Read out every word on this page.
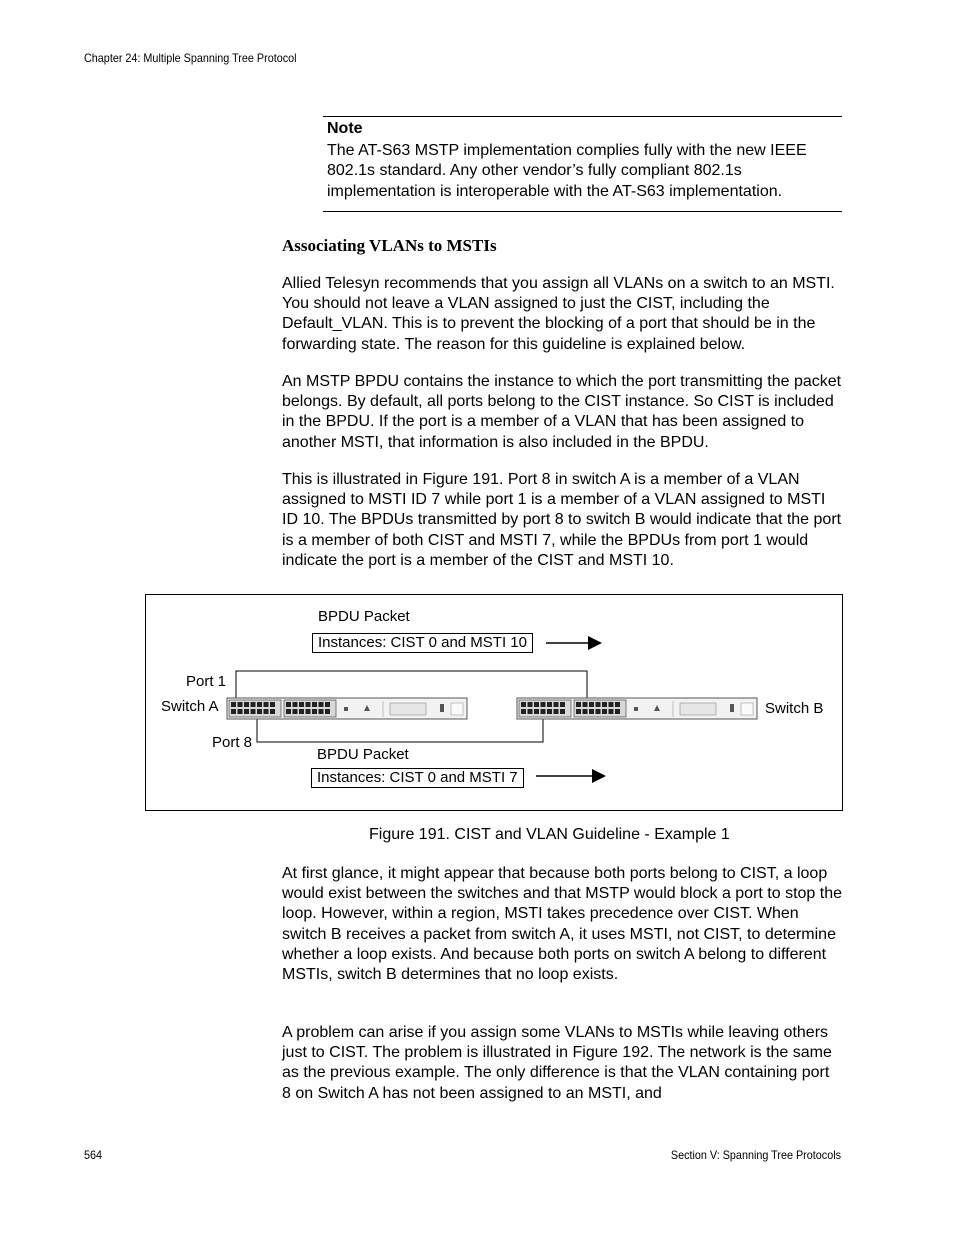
Chapter 24: Multiple Spanning Tree Protocol
Note
The AT-S63 MSTP implementation complies fully with the new IEEE 802.1s standard. Any other vendor’s fully compliant 802.1s implementation is interoperable with the AT-S63 implementation.
Associating VLANs to MSTIs
Allied Telesyn recommends that you assign all VLANs on a switch to an MSTI. You should not leave a VLAN assigned to just the CIST, including the Default_VLAN. This is to prevent the blocking of a port that should be in the forwarding state. The reason for this guideline is explained below.
An MSTP BPDU contains the instance to which the port transmitting the packet belongs. By default, all ports belong to the CIST instance. So CIST is included in the BPDU. If the port is a member of a VLAN that has been assigned to another MSTI, that information is also included in the BPDU.
This is illustrated in Figure 191. Port 8 in switch A is a member of a VLAN assigned to MSTI ID 7 while port 1 is a member of a VLAN assigned to MSTI ID 10. The BPDUs transmitted by port 8 to switch B would indicate that the port is a member of both CIST and MSTI 7, while the BPDUs from port 1 would indicate the port is a member of the CIST and MSTI 10.
BPDU Packet
Instances: CIST 0 and MSTI 10
Port 1
Switch A
Port 8
Switch B
BPDU Packet
Instances: CIST 0 and MSTI 7
Figure 191. CIST and VLAN Guideline - Example 1
At first glance, it might appear that because both ports belong to CIST, a loop would exist between the switches and that MSTP would block a port to stop the loop. However, within a region, MSTI takes precedence over CIST. When switch B receives a packet from switch A, it uses MSTI, not CIST, to determine whether a loop exists. And because both ports on switch A belong to different MSTIs, switch B determines that no loop exists.
A problem can arise if you assign some VLANs to MSTIs while leaving others just to CIST. The problem is illustrated in Figure 192. The network is the same as the previous example. The only difference is that the VLAN containing port 8 on Switch A has not been assigned to an MSTI, and
564	Section V: Spanning Tree Protocols
